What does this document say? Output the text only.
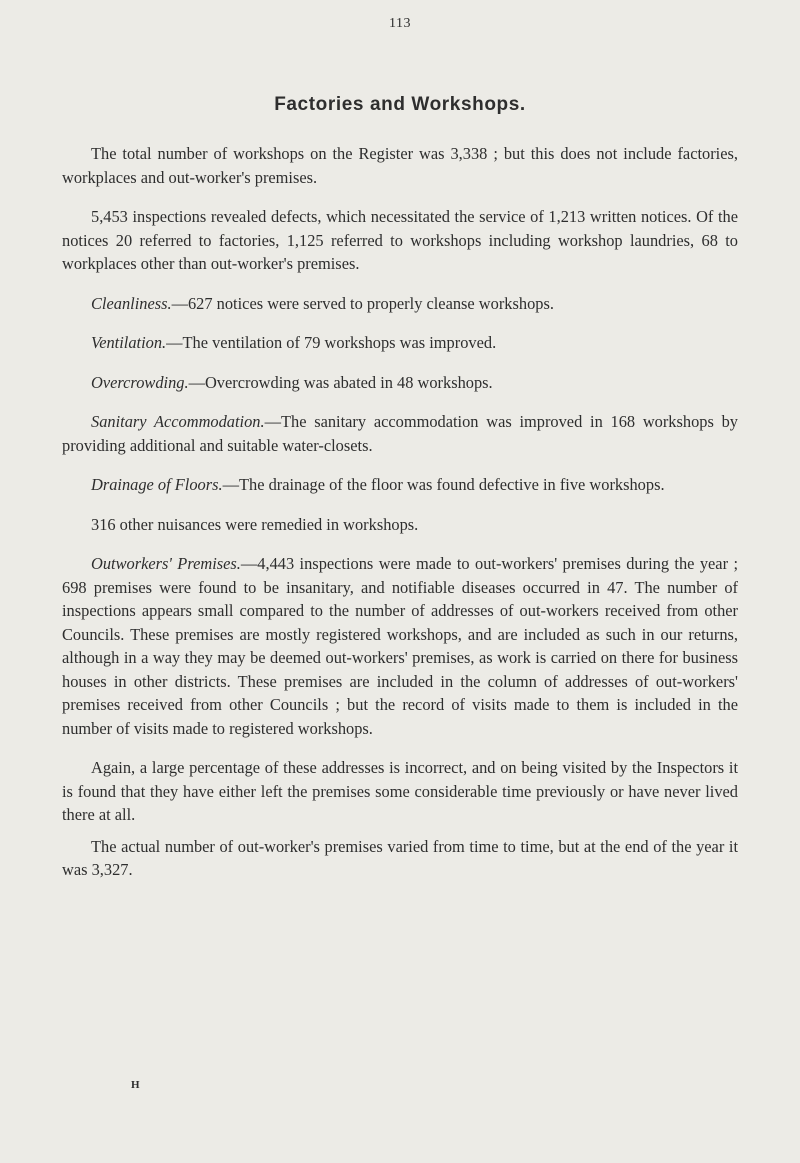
113
Factories and Workshops.

The total number of workshops on the Register was 3,338 ; but this does not include factories, workplaces and out-worker's premises.

5,453 inspections revealed defects, which necessitated the service of 1,213 written notices. Of the notices 20 referred to factories, 1,125 referred to workshops including workshop laundries, 68 to workplaces other than out-worker's premises.

Cleanliness.—627 notices were served to properly cleanse workshops.

Ventilation.—The ventilation of 79 workshops was improved.

Overcrowding.—Overcrowding was abated in 48 workshops.

Sanitary Accommodation.—The sanitary accommodation was improved in 168 workshops by providing additional and suitable water-closets.

Drainage of Floors.—The drainage of the floor was found defective in five workshops.

316 other nuisances were remedied in workshops.

Outworkers' Premises.—4,443 inspections were made to out-workers' premises during the year ; 698 premises were found to be insanitary, and notifiable diseases occurred in 47. The number of inspections appears small compared to the number of addresses of out-workers received from other Councils. These premises are mostly registered workshops, and are included as such in our returns, although in a way they may be deemed out-workers' premises, as work is carried on there for business houses in other districts. These premises are included in the column of addresses of out-workers' premises received from other Councils ; but the record of visits made to them is included in the number of visits made to registered workshops.

Again, a large percentage of these addresses is incorrect, and on being visited by the Inspectors it is found that they have either left the premises some considerable time previously or have never lived there at all.

The actual number of out-worker's premises varied from time to time, but at the end of the year it was 3,327.

H
